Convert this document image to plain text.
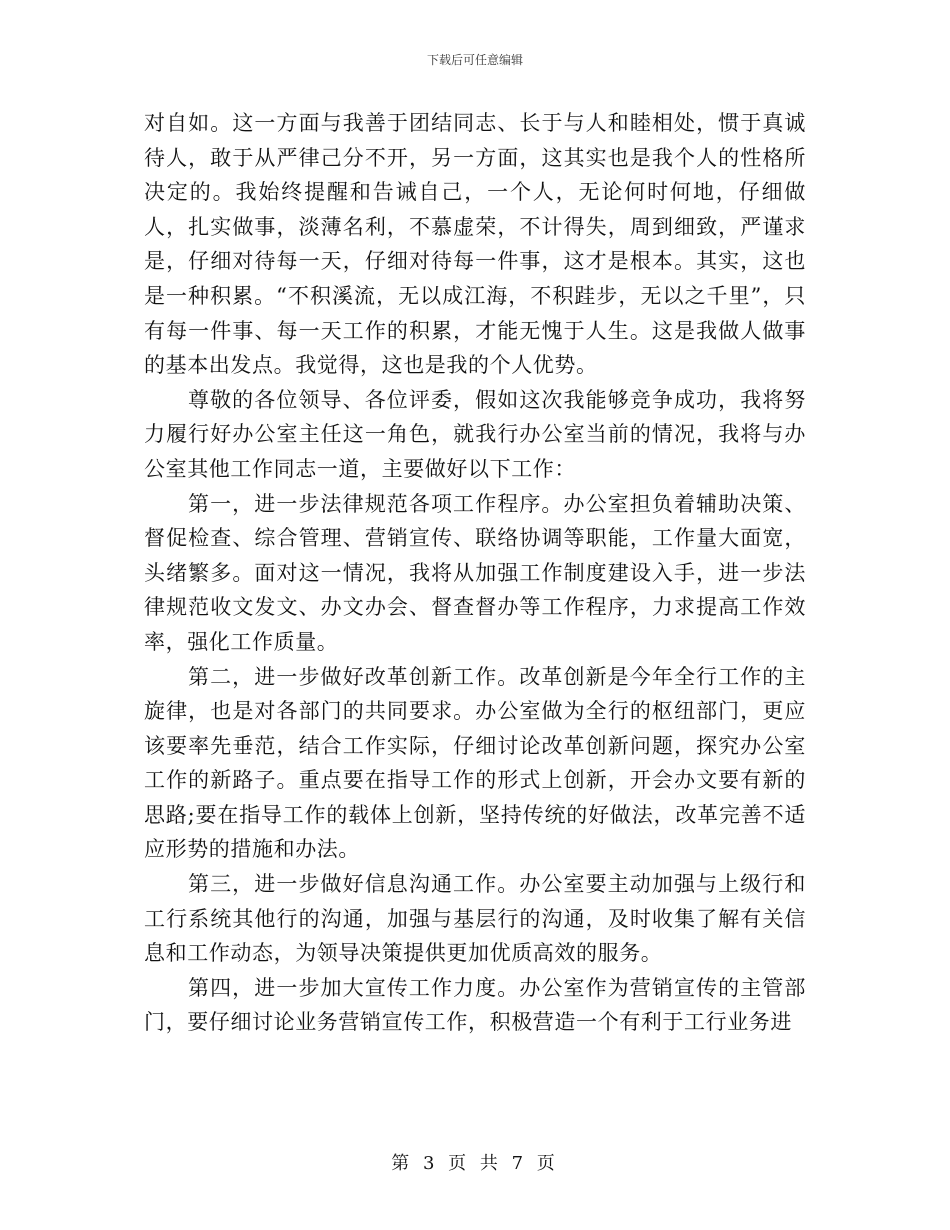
下载后可任意编辑

对自如。这一方面与我善于团结同志、长于与人和睦相处，惯于真诚待人，敢于从严律己分不开，另一方面，这其实也是我个人的性格所决定的。我始终提醒和告诫自己，一个人，无论何时何地，仔细做人，扎实做事，淡薄名利，不慕虚荣，不计得失，周到细致，严谨求是，仔细对待每一天，仔细对待每一件事，这才是根本。其实，这也是一种积累。“不积溪流，无以成江海，不积跬步，无以之千里”，只有每一件事、每一天工作的积累，才能无愧于人生。这是我做人做事的基本出发点。我觉得，这也是我的个人优势。

尊敬的各位领导、各位评委，假如这次我能够竞争成功，我将努力履行好办公室主任这一角色，就我行办公室当前的情况，我将与办公室其他工作同志一道，主要做好以下工作：

第一，进一步法律规范各项工作程序。办公室担负着辅助决策、督促检查、综合管理、营销宣传、联络协调等职能，工作量大面宽，头绪繁多。面对这一情况，我将从加强工作制度建设入手，进一步法律规范收文发文、办文办会、督查督办等工作程序，力求提高工作效率，强化工作质量。

第二，进一步做好改革创新工作。改革创新是今年全行工作的主旋律，也是对各部门的共同要求。办公室做为全行的枢纽部门，更应该要率先垂范，结合工作实际，仔细讨论改革创新问题，探究办公室工作的新路子。重点要在指导工作的形式上创新，开会办文要有新的思路;要在指导工作的载体上创新，坚持传统的好做法，改革完善不适应形势的措施和办法。

第三，进一步做好信息沟通工作。办公室要主动加强与上级行和工行系统其他行的沟通，加强与基层行的沟通，及时收集了解有关信息和工作动态，为领导决策提供更加优质高效的服务。

第四，进一步加大宣传工作力度。办公室作为营销宣传的主管部门，要仔细讨论业务营销宣传工作，积极营造一个有利于工行业务进

第 3 页 共 7 页
